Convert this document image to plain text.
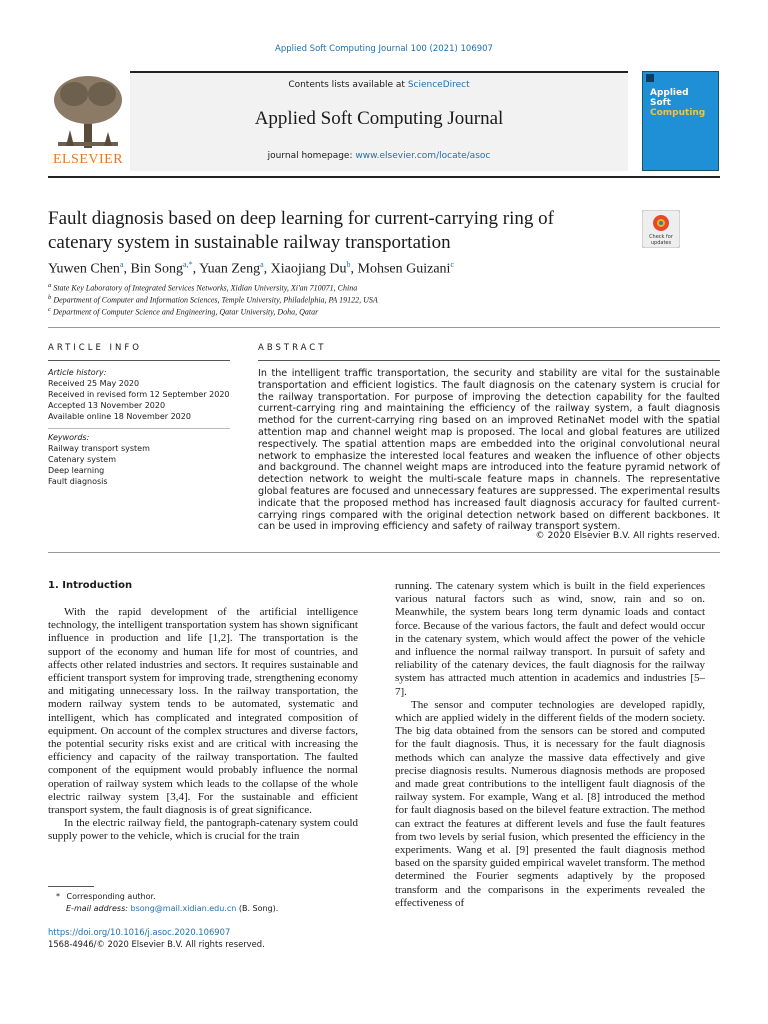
Applied Soft Computing Journal 100 (2021) 106907
ELSEVIER
Contents lists available at ScienceDirect
Applied Soft Computing Journal
journal homepage: www.elsevier.com/locate/asoc
Applied
Soft
Computing
Fault diagnosis based on deep learning for current-carrying ring of
catenary system in sustainable railway transportation	Check for
updates
Yuwen Chen$^a$, Bin Song$^{a,*}$, Yuan Zeng$^a$, Xiaojiang Du$^b$, Mohsen Guizani$^c$
$^a$ State Key Laboratory of Integrated Services Networks, Xidian University, Xi'an 710071, China
$^b$ Department of Computer and Information Sciences, Temple University, Philadelphia, PA 19122, USA
$^c$ Department of Computer Science and Engineering, Qatar University, Doha, Qatar
ARTICLE INFO
Article history:
Received 25 May 2020
Received in revised form 12 September 2020
Accepted 13 November 2020
Available online 18 November 2020
Keywords:
Railway transport system
Catenary system
Deep learning
Fault diagnosis
ABSTRACT
In the intelligent traffic transportation, the security and stability are vital for the sustainable transportation and efficient logistics. The fault diagnosis on the catenary system is crucial for the railway transportation. For purpose of improving the detection capability for the faulted current-carrying ring and maintaining the efficiency of the railway system, a fault diagnosis method for the current-carrying ring based on an improved RetinaNet model with the spatial attention map and channel weight map is proposed. The local and global features are utilized respectively. The spatial attention maps are embedded into the original convolutional neural network to emphasize the interested local features and weaken the influence of other objects and background. The channel weight maps are introduced into the feature pyramid network of detection network to weight the multi-scale feature maps in channels. The representative global features are focused and unnecessary features are suppressed. The experimental results indicate that the proposed method has increased fault diagnosis accuracy for faulted current-carrying rings compared with the original detection network based on different backbones. It can be used in improving efficiency and safety of railway transport system.
© 2020 Elsevier B.V. All rights reserved.
1. Introduction

With the rapid development of the artificial intelligence technology, the intelligent transportation system has shown significant influence in production and life [1,2]. The transportation is the support of the economy and human life for most of countries, and affects other related industries and sectors. It requires sustainable and efficient transport system for improving trade, strengthening economy and mitigating unnecessary loss. In the railway transportation, the modern railway system tends to be automated, systematic and intelligent, which has complicated and integrated composition of equipment. On account of the complex structures and diverse factors, the potential security risks exist and are critical with increasing the efficiency and capacity of the railway transportation. The faulted component of the equipment would probably influence the normal operation of railway system which leads to the collapse of the whole electric railway system [3,4]. For the sustainable and efficient transport system, the fault diagnosis is of great significance.

In the electric railway field, the pantograph-catenary system could supply power to the vehicle, which is crucial for the train

running. The catenary system which is built in the field experiences various natural factors such as wind, snow, rain and so on. Meanwhile, the system bears long term dynamic loads and contact force. Because of the various factors, the fault and defect would occur in the catenary system, which would affect the power of the vehicle and influence the normal railway transport. In pursuit of safety and reliability of the catenary devices, the fault diagnosis for the railway system has attracted much attention in academics and industries [5–7].

The sensor and computer technologies are developed rapidly, which are applied widely in the different fields of the modern society. The big data obtained from the sensors can be stored and computed for the fault diagnosis. Thus, it is necessary for the fault diagnosis methods which can analyze the massive data effectively and give precise diagnosis results. Numerous diagnosis methods are proposed and made great contributions to the intelligent fault diagnosis of the railway system. For example, Wang et al. [8] introduced the method for fault diagnosis based on the bilevel feature extraction. The method can extract the features at different levels and fuse the fault features from two levels by serial fusion, which presented the efficiency in the experiments. Wang et al. [9] presented the fault diagnosis method based on the sparsity guided empirical wavelet transform. The method determined the Fourier segments adaptively by the proposed transform and the comparisons in the experiments revealed the effectiveness of

* Corresponding author.
E-mail address: bsong@mail.xidian.edu.cn (B. Song).
https://doi.org/10.1016/j.asoc.2020.106907
1568-4946/© 2020 Elsevier B.V. All rights reserved.
